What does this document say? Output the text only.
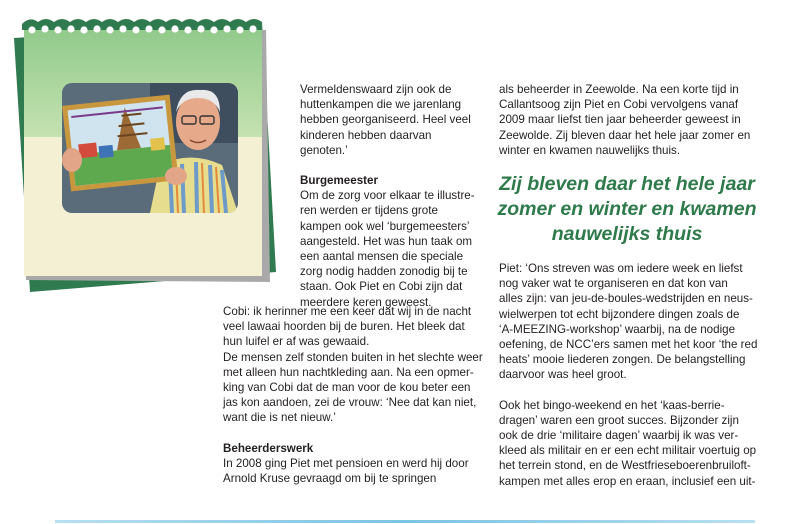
Vermeldenswaard zijn ook de

huttenkampen die we jarenlang

hebben georganiseerd. Heel veel

kinderen hebben daarvan

genoten.’

Burgemeester

Om de zorg voor elkaar te illustre-

ren werden er tijdens grote

kampen ook wel ‘burgemeesters’

aangesteld. Het was hun taak om

een aantal mensen die speciale

zorg nodig hadden zonodig bij te

staan. Ook Piet en Cobi zijn dat

meerdere keren geweest.

Cobi: ik herinner me een keer dat wij in de nacht

veel lawaai hoorden bij de buren. Het bleek dat

hun luifel er af was gewaaid.

De mensen zelf stonden buiten in het slechte weer

met alleen hun nachtkleding aan. Na een opmer-

king van Cobi dat de man voor de kou beter een

jas kon aandoen, zei de vrouw: ‘Nee dat kan niet,

want die is net nieuw.’

Beheerderswerk

In 2008 ging Piet met pensioen en werd hij door

Arnold Kruse gevraagd om bij te springen

als beheerder in Zeewolde. Na een korte tijd in

Callantsoog zijn Piet en Cobi vervolgens vanaf

2009 maar liefst tien jaar beheerder geweest in

Zeewolde. Zij bleven daar het hele jaar zomer en

winter en kwamen nauwelijks thuis.

Zij bleven daar het hele jaar
zomer en winter en kwamen
nauwelijks thuis

Piet: ‘Ons streven was om iedere week en liefst

nog vaker wat te organiseren en dat kon van

alles zijn: van jeu-de-boules-wedstrijden en neus-

wielwerpen tot echt bijzondere dingen zoals de

‘A-MEEZING-workshop’ waarbij, na de nodige

oefening, de NCC’ers samen met het koor ‘the red

heats’ mooie liederen zongen. De belangstelling

daarvoor was heel groot.

Ook het bingo-weekend en het ‘kaas-berrie-

dragen’ waren een groot succes. Bijzonder zijn

ook de drie ‘militaire dagen’ waarbij ik was ver-

kleed als militair en er een echt militair voertuig op

het terrein stond, en de Westfrieseboerenbruiloft-

kampen met alles erop en eraan, inclusief een uit-
